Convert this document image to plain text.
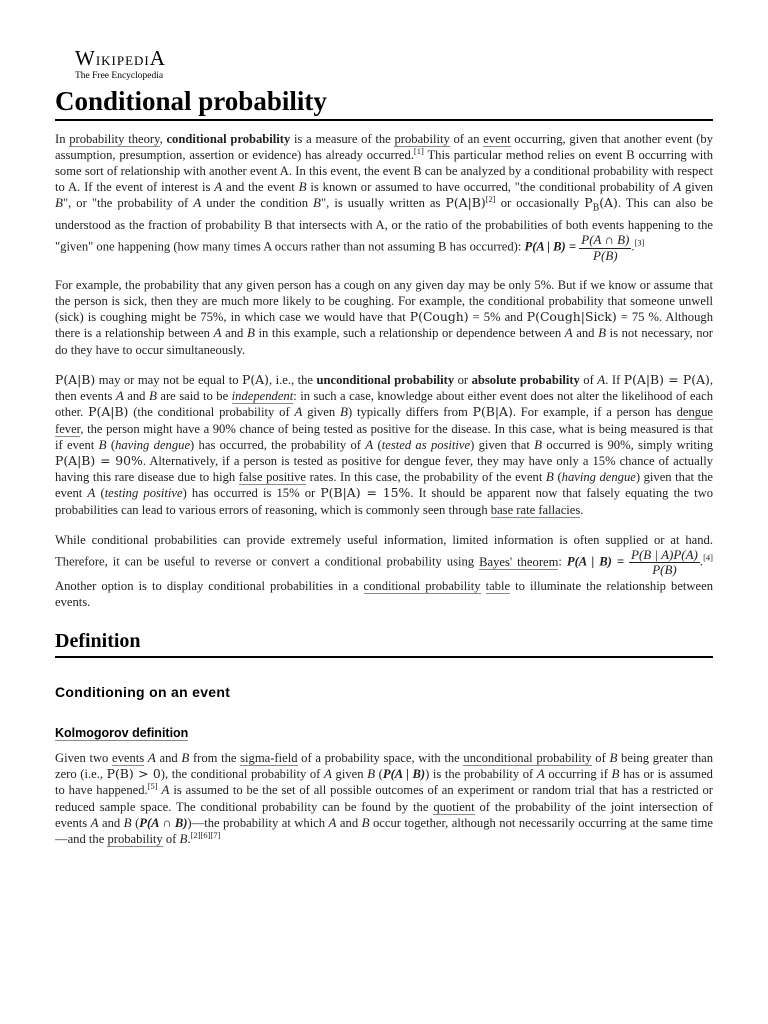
WikipediA
The Free Encyclopedia
Conditional probability

In probability theory, conditional probability is a measure of the probability of an event occurring, given that another event (by assumption, presumption, assertion or evidence) has already occurred.[1] This particular method relies on event B occurring with some sort of relationship with another event A. In this event, the event B can be analyzed by a conditional probability with respect to A. If the event of interest is A and the event B is known or assumed to have occurred, "the conditional probability of A given B", or "the probability of A under the condition B", is usually written as P(A|B)[2] or occasionally $P_B(A)$. This can also be understood as the fraction of probability B that intersects with A, or the ratio of the probabilities of both events happening to the "given" one happening (how many times A occurs rather than not assuming B has occurred): P(A | $B) = \frac{P(A \cap B)}{P(B)} .[3]$

For example, the probability that any given person has a cough on any given day may be only 5%. But if we know or assume that the person is sick, then they are much more likely to be coughing. For example, the conditional probability that someone unwell (sick) is coughing might be 75%, in which case we would have that P(Cough) = 5% and P(Cough|Sick) = 75 %. Although there is a relationship between A and B in this example, such a relationship or dependence between A and B is not necessary, nor do they have to occur simultaneously.

P(A|B) may or may not be equal to P(A), i.e., the unconditional probability or absolute probability of A. If P(A|B) = P(A), then events A and B are said to be independent: in such a case, knowledge about either event does not alter the likelihood of each other. P(A|B) (the conditional probability of A given B) typically differs from P(B|A). For example, if a person has dengue fever, the person might have a 90% chance of being tested as positive for the disease. In this case, what is being measured is that if event B (having dengue) has occurred, the probability of A (tested as positive) given that B occurred is 90%, simply writing P(A|B) = 90%. Alternatively, if a person is tested as positive for dengue fever, they may have only a 15% chance of actually having this rare disease due to high false positive rates. In this case, the probability of the event B (having dengue) given that the event A (testing positive) has occurred is 15% or P(B|A) = 15%. It should be apparent now that falsely equating the two probabilities can lead to various errors of reasoning, which is commonly seen through base rate fallacies.

While conditional probabilities can provide extremely useful information, limited information is often supplied or at hand. Therefore, it can be useful to reverse or convert a conditional probability using Bayes' theorem: P(A | $B) = \frac{P(B | A)P(A)}{P(B)} .[4]$ Another option is to display conditional probabilities in a conditional probability table to illuminate the relationship between events.

Definition
Conditioning on an event
Kolmogorov definition

Given two events A and B from the sigma-field of a probability space, with the unconditional probability of B being greater than zero (i.e., P(B) > 0), the conditional probability of A given B (P(A | B)) is the probability of A occurring if B has or is assumed to have happened.[5] A is assumed to be the set of all possible outcomes of an experiment or random trial that has a restricted or reduced sample space. The conditional probability can be found by the quotient of the probability of the joint intersection of events A and B (P(A ∩ B))—the probability at which A and B occur together, although not necessarily occurring at the same time—and the probability of B.[2][6][7]
